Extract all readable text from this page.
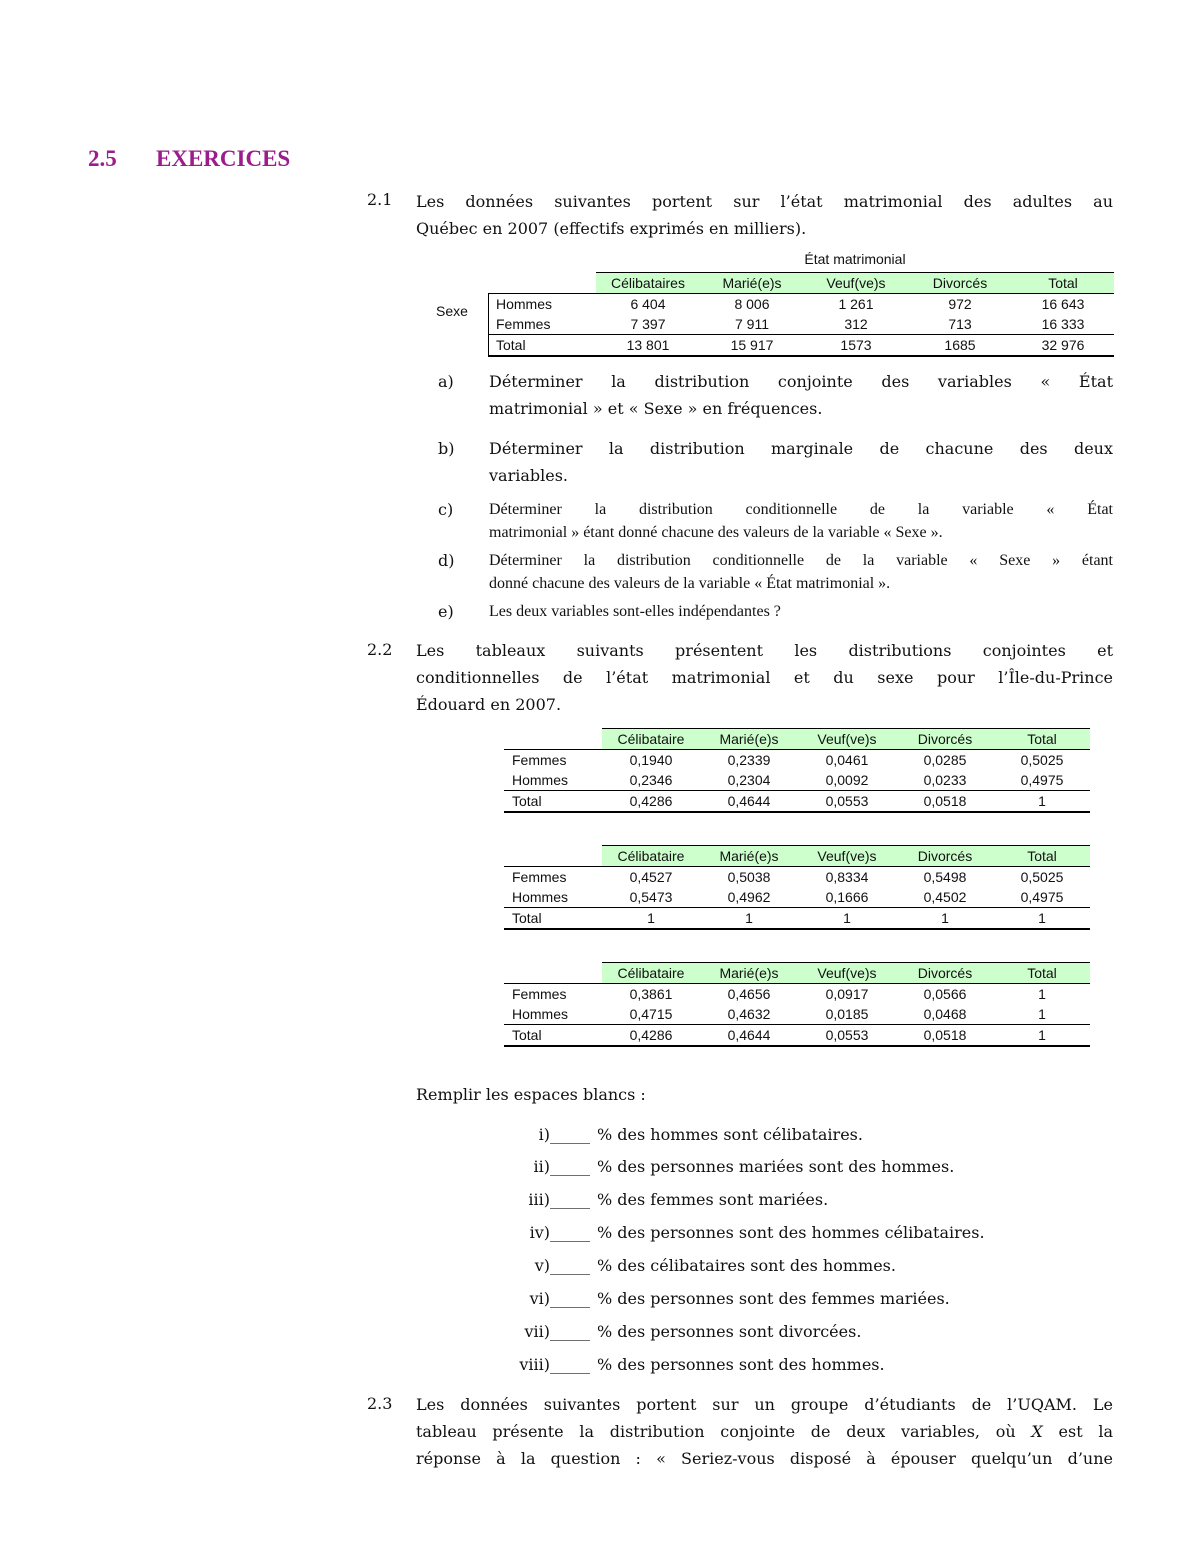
2.5 EXERCICES
2.1 Les données suivantes portent sur l’état matrimonial des adultes au
Québec en 2007 (effectifs exprimés en milliers).
État matrimonial
Sexe
	Célibataires	Marié(e)s	Veuf(ve)s	Divorcés	Total
Hommes	6 404	8 006	1 261	972	16 643
Femmes	7 397	7 911	312	713	16 333
Total	13 801	15 917	1573	1685	32 976
a) Déterminer la distribution conjointe des variables « État
matrimonial » et « Sexe » en fréquences.
b) Déterminer la distribution marginale de chacune des deux
variables.
c) Déterminer la distribution conditionnelle de la variable « État
matrimonial » étant donné chacune des valeurs de la variable « Sexe ».
d) Déterminer la distribution conditionnelle de la variable « Sexe » étant
donné chacune des valeurs de la variable « État matrimonial ».
e) Les deux variables sont-elles indépendantes ?
2.2 Les tableaux suivants présentent les distributions conjointes et
conditionnelles de l’état matrimonial et du sexe pour l’Île-du-Prince
Édouard en 2007.
	Célibataire	Marié(e)s	Veuf(ve)s	Divorcés	Total
Femmes	0,1940	0,2339	0,0461	0,0285	0,5025
Hommes	0,2346	0,2304	0,0092	0,0233	0,4975
Total	0,4286	0,4644	0,0553	0,0518	1
	Célibataire	Marié(e)s	Veuf(ve)s	Divorcés	Total
Femmes	0,4527	0,5038	0,8334	0,5498	0,5025
Hommes	0,5473	0,4962	0,1666	0,4502	0,4975
Total	1	1	1	1	1
	Célibataire	Marié(e)s	Veuf(ve)s	Divorcés	Total
Femmes	0,3861	0,4656	0,0917	0,0566	1
Hommes	0,4715	0,4632	0,0185	0,0468	1
Total	0,4286	0,4644	0,0553	0,0518	1
Remplir les espaces blancs :
i)_____ % des hommes sont célibataires.
ii)_____ % des personnes mariées sont des hommes.
iii)_____ % des femmes sont mariées.
iv)_____ % des personnes sont des hommes célibataires.
v)_____ % des célibataires sont des hommes.
vi)_____ % des personnes sont des femmes mariées.
vii)_____ % des personnes sont divorcées.
viii)_____ % des personnes sont des hommes.
2.3 Les données suivantes portent sur un groupe d’étudiants de l’UQAM. Le
tableau présente la distribution conjointe de deux variables, où X est la
réponse à la question : « Seriez-vous disposé à épouser quelqu’un d’une
